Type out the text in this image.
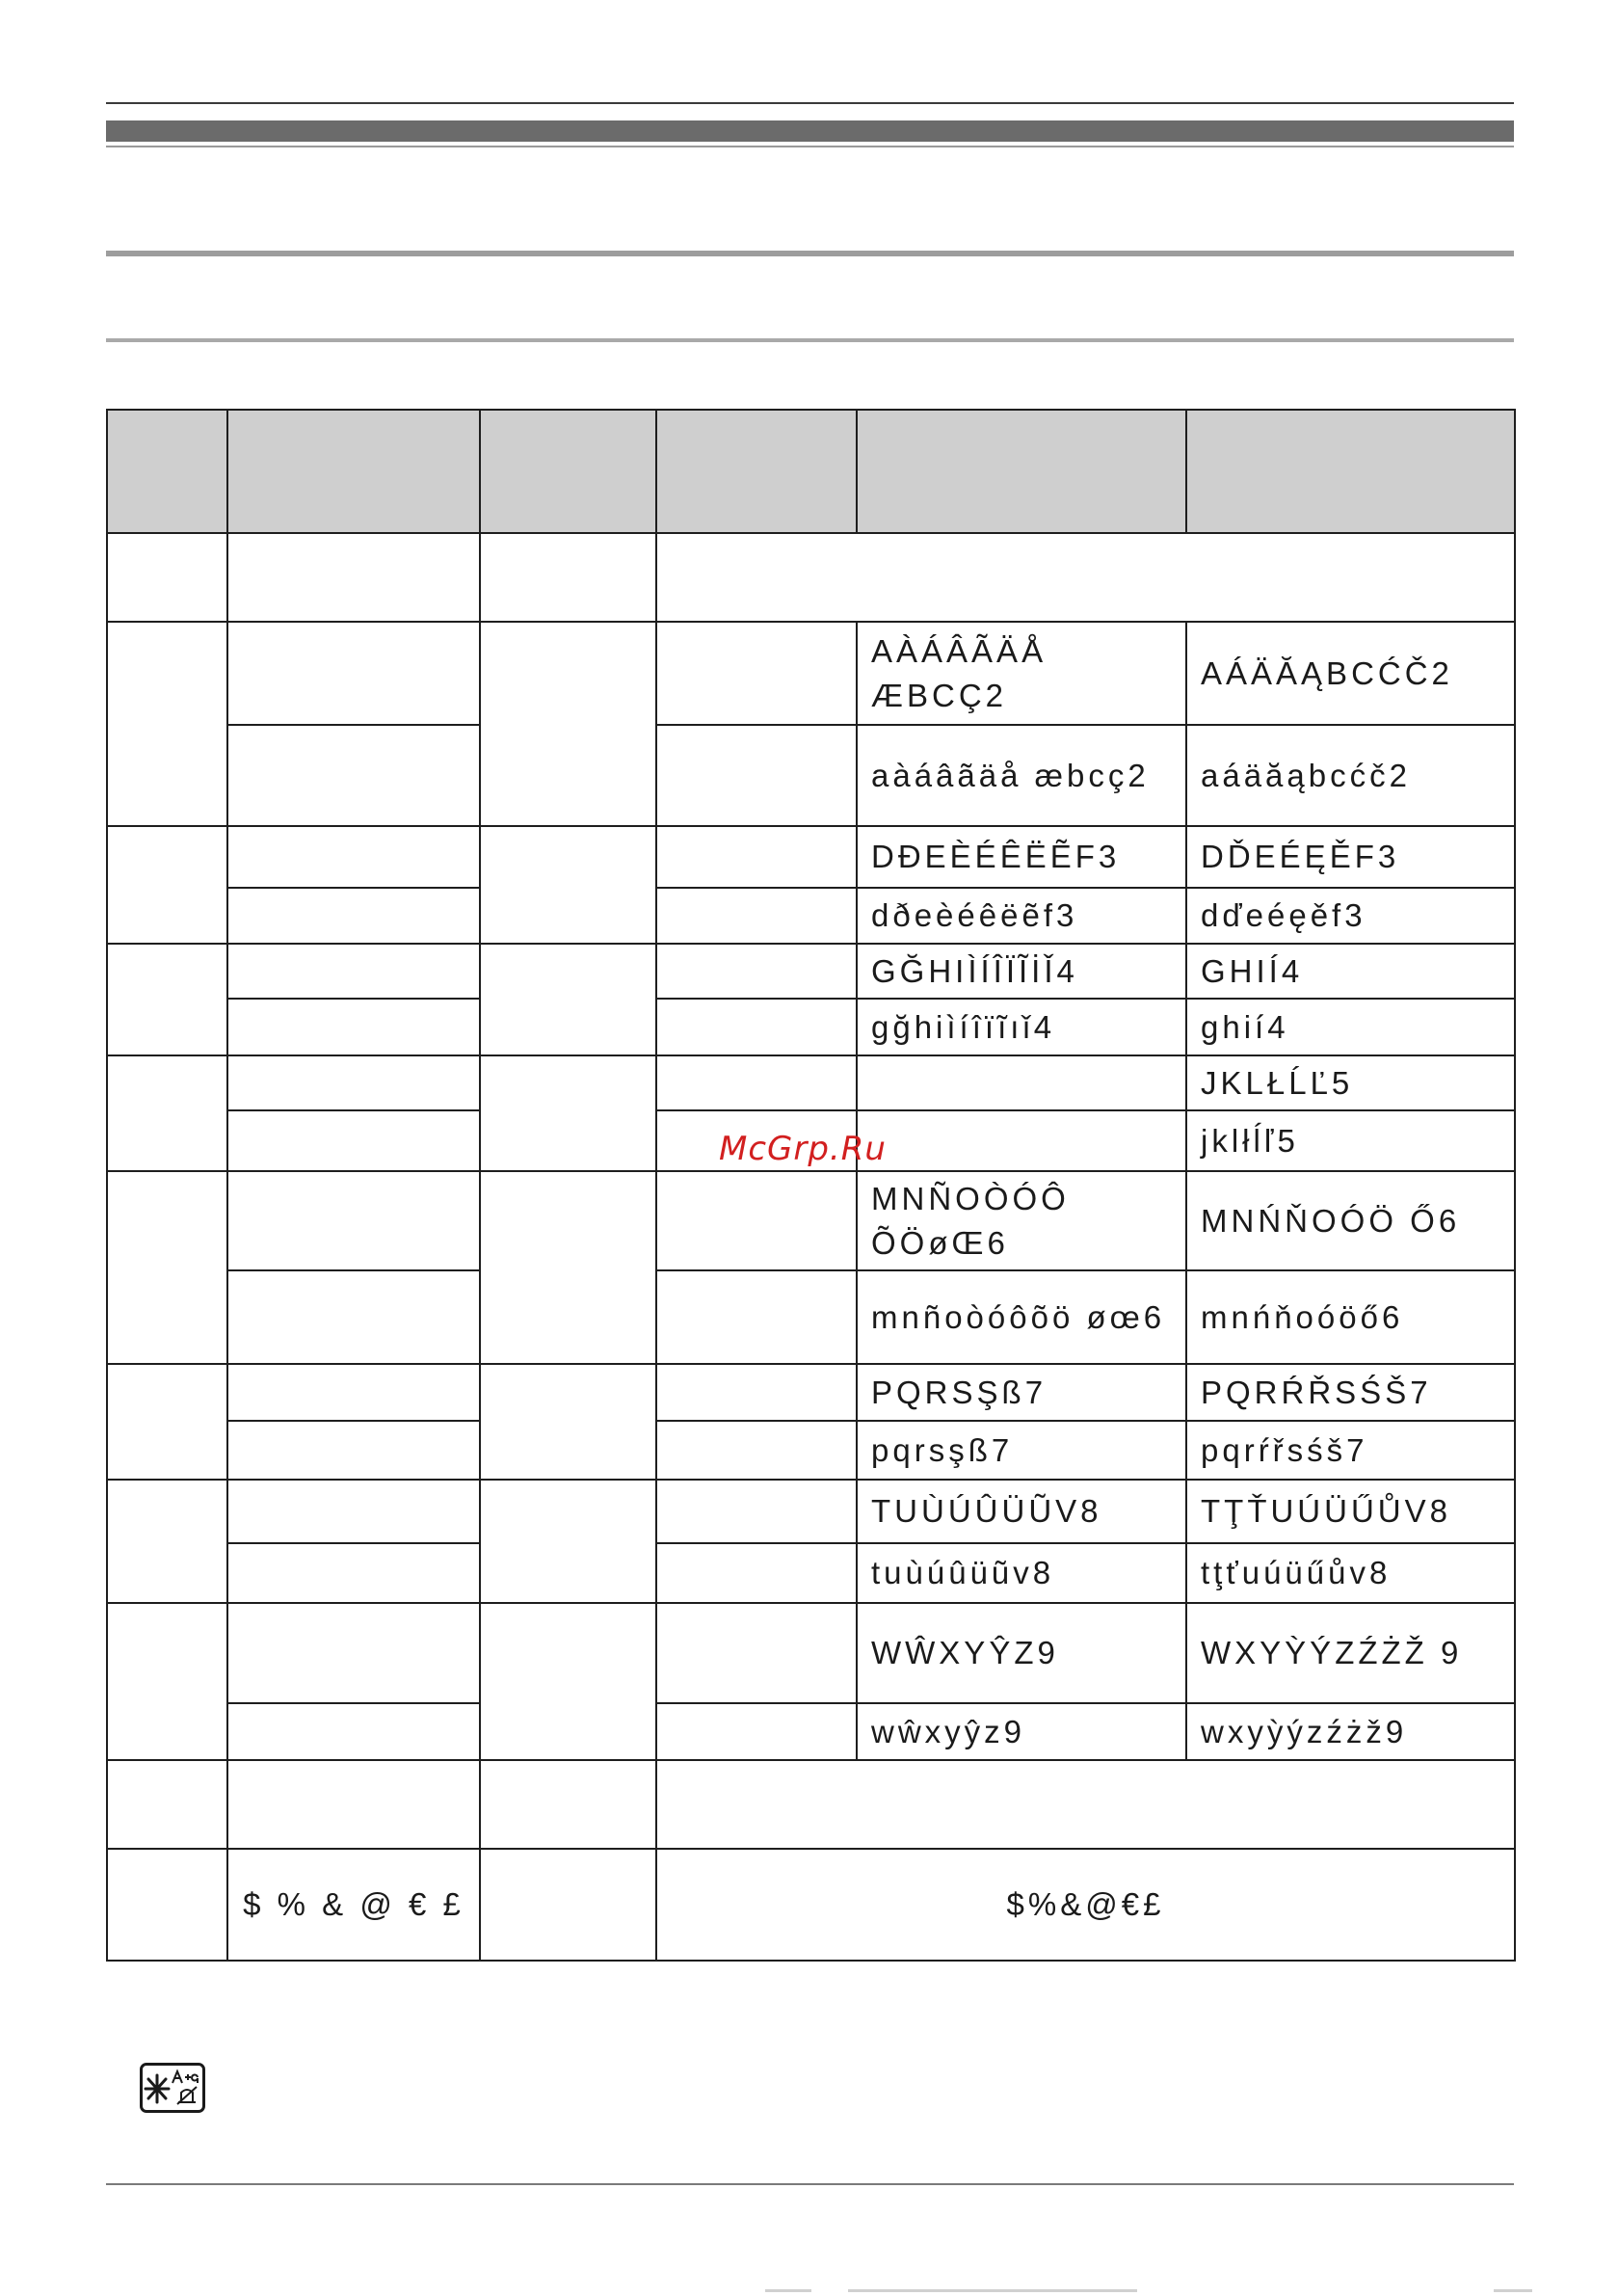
				AÀÁÂÃÄÅ ÆBCÇ2	AÁÄĂĄBCĆČ2
				aàáâãäå æbcç2	aáäăąbcćč2
				DĐEÈÉÊËẼF3	DĎEÉĘĚF3
				dðeèéêëẽf3	dďeéęěf3
				GĞHIÌÍÎÏĨİǏ4	GHIÍ4
				gğhiìíîïĩıǐ4	ghií4
					JKLŁĹĽ5
					jklłĺľ5
				MNÑOÒÓÔ ÕÖøŒ6	MNŃŇOÓÖ Ő6
				mnñoòóôõö øœ6	mnńňoóöő6
				PQRSŞß7	PQRŔŘSŚŠ7
				pqrsşß7	pqrŕřsśš7
				TUÙÚÛÜŨV8	TŢŤUÚÜŰŮV8
				tuùúûüũv8	tţťuúüűův8
				WŴXYŶZ9	WXYỲÝZŹŻŽ 9
				wŵxyŷz9	wxyỳýzźżž9

	$ % & @ € £		$%&@€£		
McGrp.Ru
